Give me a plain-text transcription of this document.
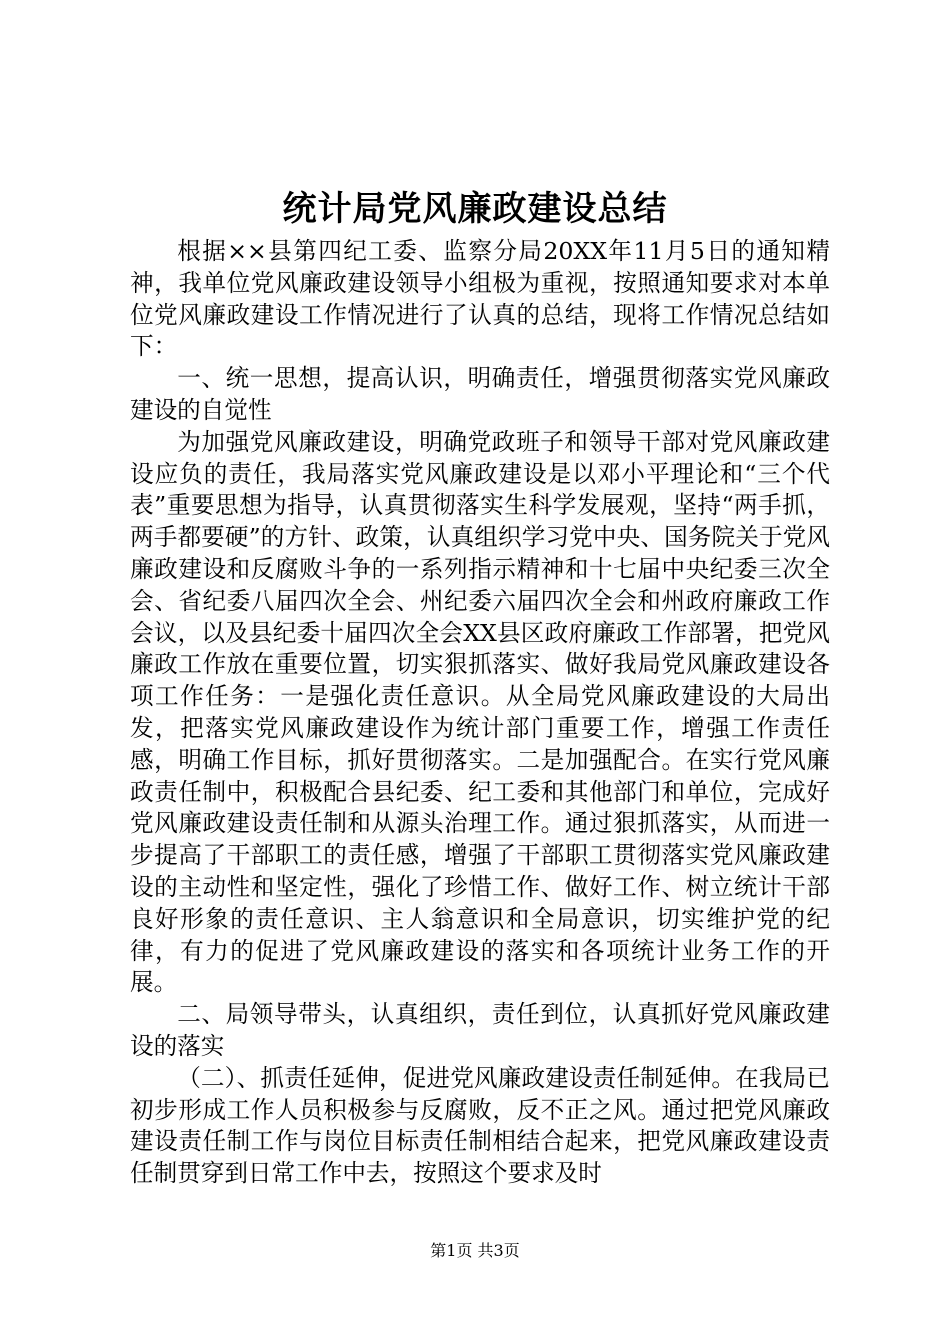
统计局党风廉政建设总结

根据××县第四纪工委、监察分局20XX年11月5日的通知精神，我单位党风廉政建设领导小组极为重视，按照通知要求对本单位党风廉政建设工作情况进行了认真的总结，现将工作情况总结如下：

一、统一思想，提高认识，明确责任，增强贯彻落实党风廉政建设的自觉性

为加强党风廉政建设，明确党政班子和领导干部对党风廉政建设应负的责任，我局落实党风廉政建设是以邓小平理论和“三个代表”重要思想为指导，认真贯彻落实生科学发展观，坚持“两手抓，两手都要硬”的方针、政策，认真组织学习党中央、国务院关于党风廉政建设和反腐败斗争的一系列指示精神和十七届中央纪委三次全会、省纪委八届四次全会、州纪委六届四次全会和州政府廉政工作会议，以及县纪委十届四次全会XX县区政府廉政工作部署，把党风廉政工作放在重要位置，切实狠抓落实、做好我局党风廉政建设各项工作任务：一是强化责任意识。从全局党风廉政建设的大局出发，把落实党风廉政建设作为统计部门重要工作，增强工作责任感，明确工作目标，抓好贯彻落实。二是加强配合。在实行党风廉政责任制中，积极配合县纪委、纪工委和其他部门和单位，完成好党风廉政建设责任制和从源头治理工作。通过狠抓落实，从而进一步提高了干部职工的责任感，增强了干部职工贯彻落实党风廉政建设的主动性和坚定性，强化了珍惜工作、做好工作、树立统计干部良好形象的责任意识、主人翁意识和全局意识，切实维护党的纪律，有力的促进了党风廉政建设的落实和各项统计业务工作的开展。

二、局领导带头，认真组织，责任到位，认真抓好党风廉政建设的落实

（二）、抓责任延伸，促进党风廉政建设责任制延伸。在我局已初步形成工作人员积极参与反腐败，反不正之风。通过把党风廉政建设责任制工作与岗位目标责任制相结合起来，把党风廉政建设责任制贯穿到日常工作中去，按照这个要求及时

第1页 共3页
